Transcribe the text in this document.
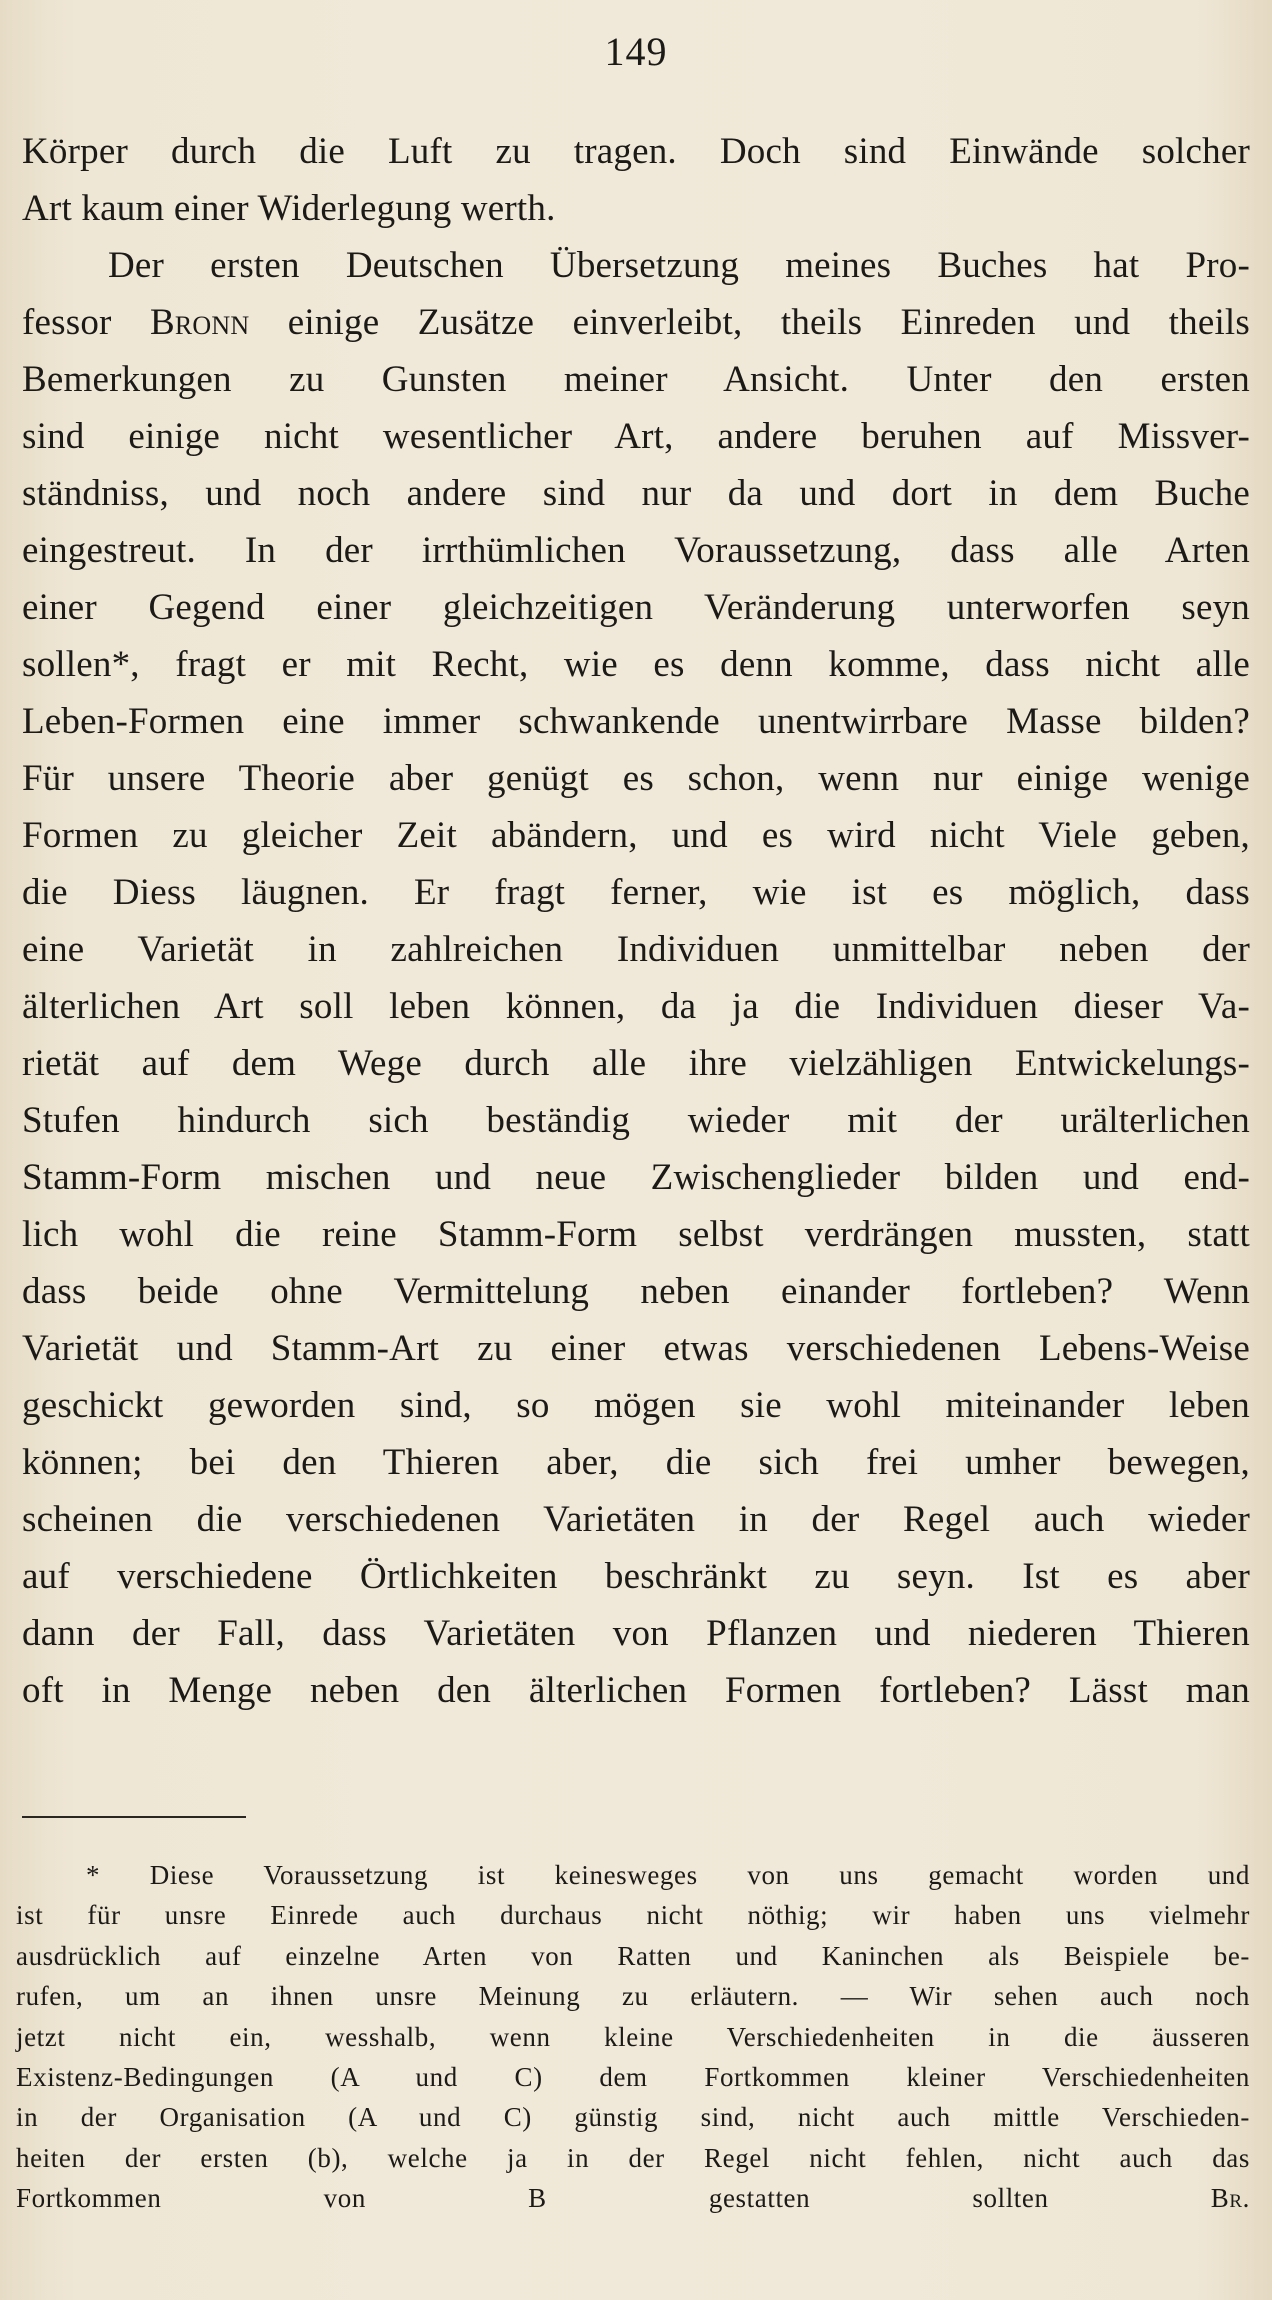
149
Körper durch die Luft zu tragen. Doch sind Einwände solcher
Art kaum einer Widerlegung werth.
Der ersten Deutschen Übersetzung meines Buches hat Pro-
fessor Bronn einige Zusätze einverleibt, theils Einreden und theils
Bemerkungen zu Gunsten meiner Ansicht. Unter den ersten
sind einige nicht wesentlicher Art, andere beruhen auf Missver-
ständniss, und noch andere sind nur da und dort in dem Buche
eingestreut. In der irrthümlichen Voraussetzung, dass alle Arten
einer Gegend einer gleichzeitigen Veränderung unterworfen seyn
sollen*, fragt er mit Recht, wie es denn komme, dass nicht alle
Leben-Formen eine immer schwankende unentwirrbare Masse bilden?
Für unsere Theorie aber genügt es schon, wenn nur einige wenige
Formen zu gleicher Zeit abändern, und es wird nicht Viele geben,
die Diess läugnen. Er fragt ferner, wie ist es möglich, dass
eine Varietät in zahlreichen Individuen unmittelbar neben der
älterlichen Art soll leben können, da ja die Individuen dieser Va-
rietät auf dem Wege durch alle ihre vielzähligen Entwickelungs-
Stufen hindurch sich beständig wieder mit der urälterlichen
Stamm-Form mischen und neue Zwischenglieder bilden und end-
lich wohl die reine Stamm-Form selbst verdrängen mussten, statt
dass beide ohne Vermittelung neben einander fortleben? Wenn
Varietät und Stamm-Art zu einer etwas verschiedenen Lebens-Weise
geschickt geworden sind, so mögen sie wohl miteinander leben
können; bei den Thieren aber, die sich frei umher bewegen,
scheinen die verschiedenen Varietäten in der Regel auch wieder
auf verschiedene Örtlichkeiten beschränkt zu seyn. Ist es aber
dann der Fall, dass Varietäten von Pflanzen und niederen Thieren
oft in Menge neben den älterlichen Formen fortleben? Lässt man
* Diese Voraussetzung ist keinesweges von uns gemacht worden und
ist für unsre Einrede auch durchaus nicht nöthig; wir haben uns vielmehr
ausdrücklich auf einzelne Arten von Ratten und Kaninchen als Beispiele be-
rufen, um an ihnen unsre Meinung zu erläutern. — Wir sehen auch noch
jetzt nicht ein, wesshalb, wenn kleine Verschiedenheiten in die äusseren
Existenz-Bedingungen (A und C) dem Fortkommen kleiner Verschiedenheiten
in der Organisation (A und C) günstig sind, nicht auch mittle Verschieden-
heiten der ersten (b), welche ja in der Regel nicht fehlen, nicht auch das
Fortkommen von B gestatten sollten	Br.
